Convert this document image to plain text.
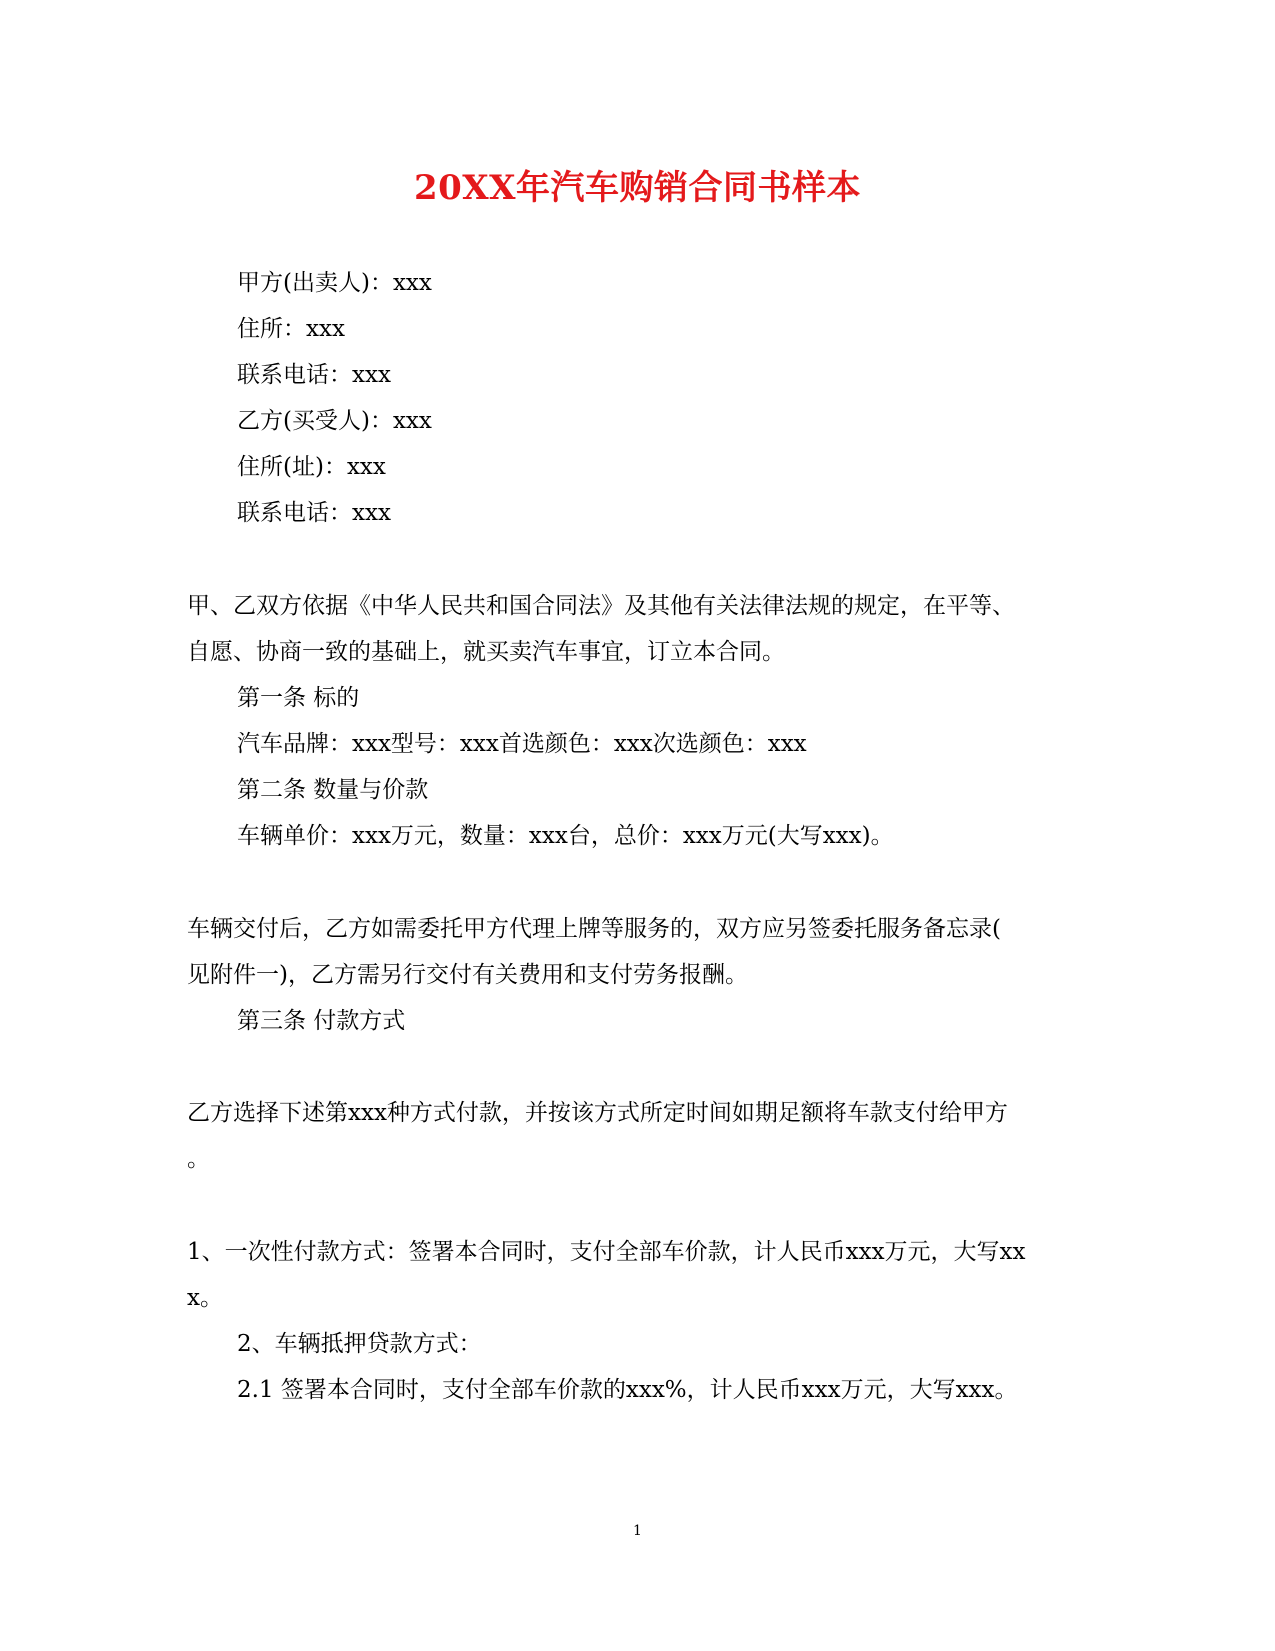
20XX年汽车购销合同书样本

甲方(出卖人)：xxx

住所：xxx

联系电话：xxx

乙方(买受人)：xxx

住所(址)：xxx

联系电话：xxx

甲、乙双方依据《中华人民共和国合同法》及其他有关法律法规的规定，在平等、

自愿、协商一致的基础上，就买卖汽车事宜，订立本合同。

第一条 标的

汽车品牌：xxx型号：xxx首选颜色：xxx次选颜色：xxx

第二条 数量与价款

车辆单价：xxx万元，数量：xxx台，总价：xxx万元(大写xxx)。

车辆交付后，乙方如需委托甲方代理上牌等服务的，双方应另签委托服务备忘录(

见附件一)，乙方需另行交付有关费用和支付劳务报酬。

第三条 付款方式

乙方选择下述第xxx种方式付款，并按该方式所定时间如期足额将车款支付给甲方

。

1、一次性付款方式：签署本合同时，支付全部车价款，计人民币xxx万元，大写xx

x。

2、车辆抵押贷款方式：

2.1 签署本合同时，支付全部车价款的xxx%，计人民币xxx万元，大写xxx。

1
